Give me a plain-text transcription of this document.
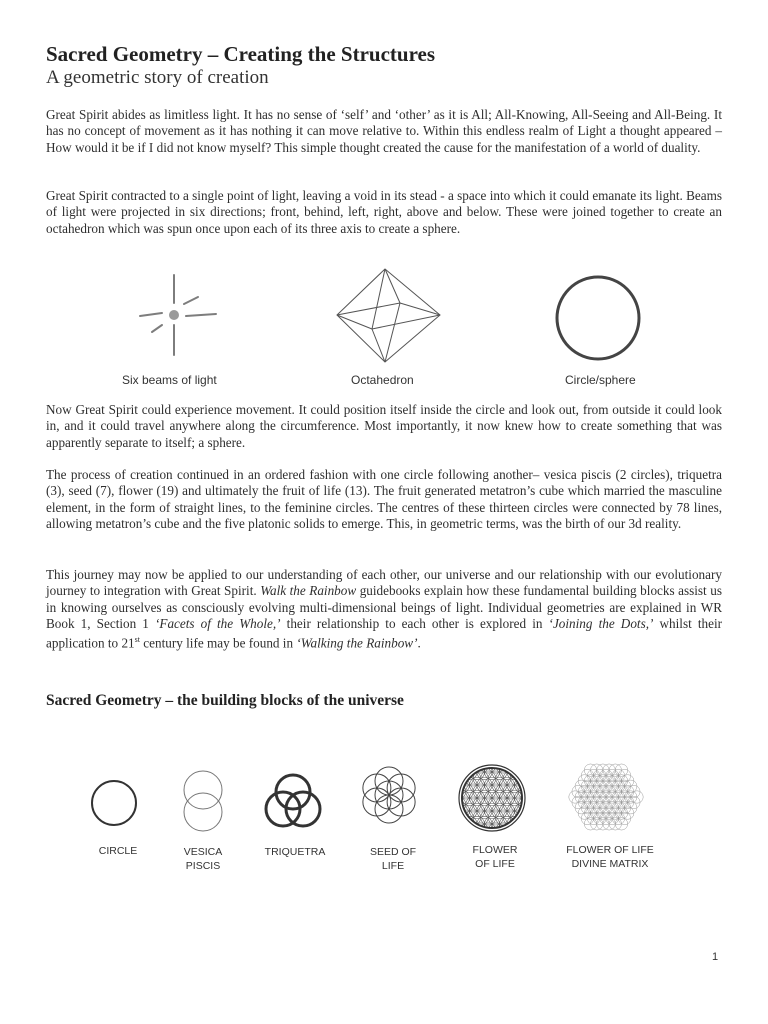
Sacred Geometry – Creating the Structures
A geometric story of creation

Great Spirit abides as limitless light. It has no sense of ‘self’ and ‘other’ as it is All; All-Knowing, All-Seeing and All-Being. It has no concept of movement as it has nothing it can move relative to. Within this endless realm of Light a thought appeared – How would it be if I did not know myself? This simple thought created the cause for the manifestation of a world of duality.

Great Spirit contracted to a single point of light, leaving a void in its stead - a space into which it could emanate its light. Beams of light were projected in six directions; front, behind, left, right, above and below. These were joined together to create an octahedron which was spun once upon each of its three axis to create a sphere.

Six beams of light	Octahedron	Circle/sphere

Now Great Spirit could experience movement. It could position itself inside the circle and look out, from outside it could look in, and it could travel anywhere along the circumference. Most importantly, it now knew how to create something that was apparently separate to itself; a sphere.

The process of creation continued in an ordered fashion with one circle following another– vesica piscis (2 circles), triquetra (3), seed (7), flower (19) and ultimately the fruit of life (13). The fruit generated metatron’s cube which married the masculine element, in the form of straight lines, to the feminine circles. The centres of these thirteen circles were connected by 78 lines, allowing metatron’s cube and the five platonic solids to emerge. This, in geometric terms, was the birth of our 3d reality.

This journey may now be applied to our understanding of each other, our universe and our relationship with our evolutionary journey to integration with Great Spirit. Walk the Rainbow guidebooks explain how these fundamental building blocks assist us in knowing ourselves as consciously evolving multi-dimensional beings of light. Individual geometries are explained in WR Book 1, Section 1 ‘Facets of the Whole,’ their relationship to each other is explored in ‘Joining the Dots,’ whilst their application to 21st century life may be found in ‘Walking the Rainbow’.

Sacred Geometry – the building blocks of the universe
CIRCLE	VESICA
PISCIS
TRIQUETRA	SEED OF
LIFE
FLOWER
OF LIFE
FLOWER OF LIFE
DIVINE MATRIX
1
